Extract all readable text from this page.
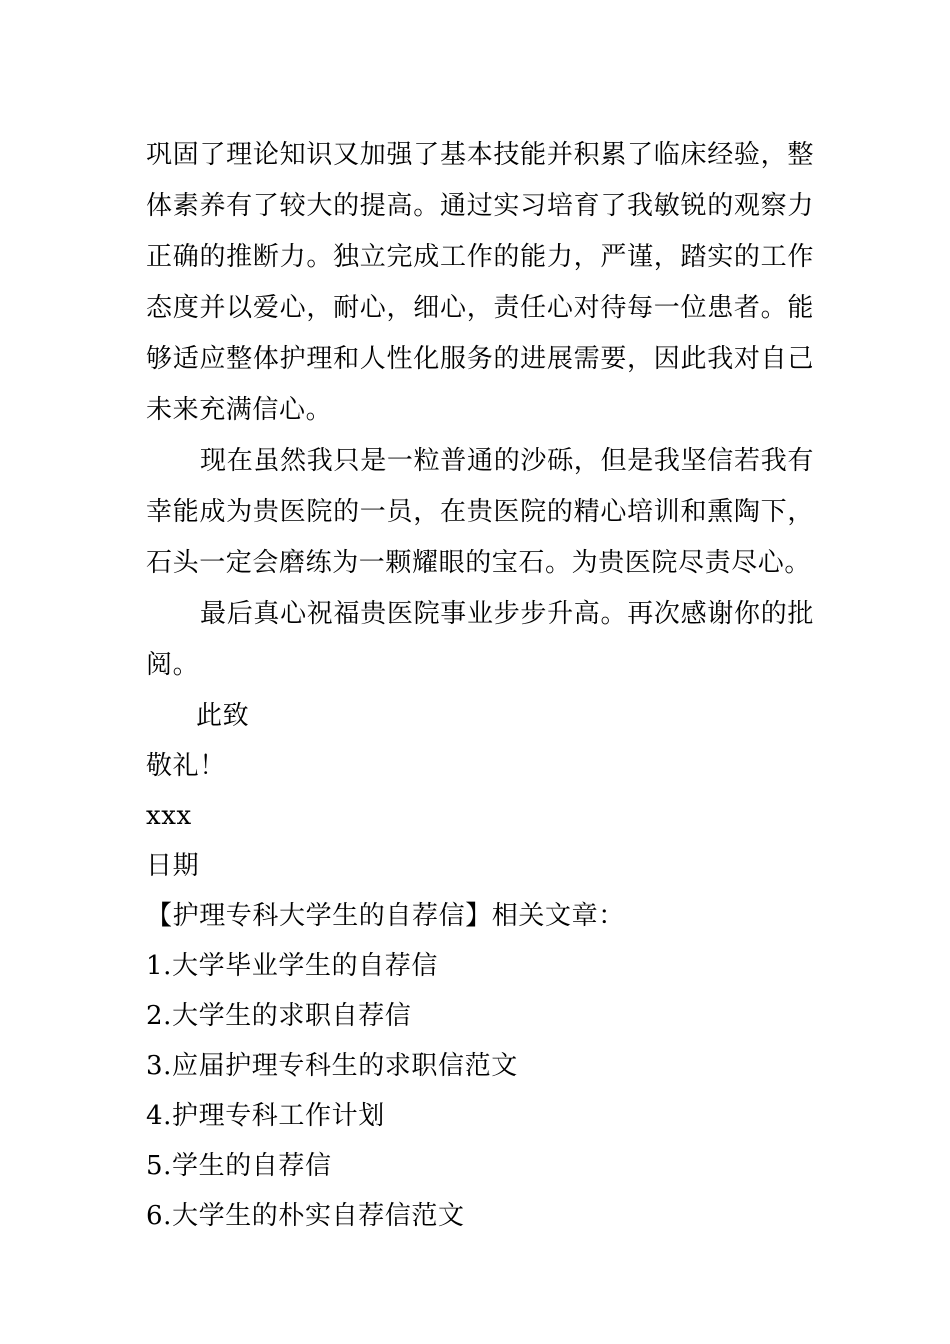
巩固了理论知识又加强了基本技能并积累了临床经验，整体素养有了较大的提高。通过实习培育了我敏锐的观察力正确的推断力。独立完成工作的能力，严谨，踏实的工作态度并以爱心，耐心，细心，责任心对待每一位患者。能够适应整体护理和人性化服务的进展需要，因此我对自己未来充满信心。

现在虽然我只是一粒普通的沙砾，但是我坚信若我有幸能成为贵医院的一员，在贵医院的精心培训和熏陶下，石头一定会磨练为一颗耀眼的宝石。为贵医院尽责尽心。

最后真心祝福贵医院事业步步升高。再次感谢你的批阅。

此致

敬礼！

xxx

日期

【护理专科大学生的自荐信】相关文章：

1.大学毕业学生的自荐信
2.大学生的求职自荐信
3.应届护理专科生的求职信范文
4.护理专科工作计划
5.学生的自荐信
6.大学生的朴实自荐信范文
